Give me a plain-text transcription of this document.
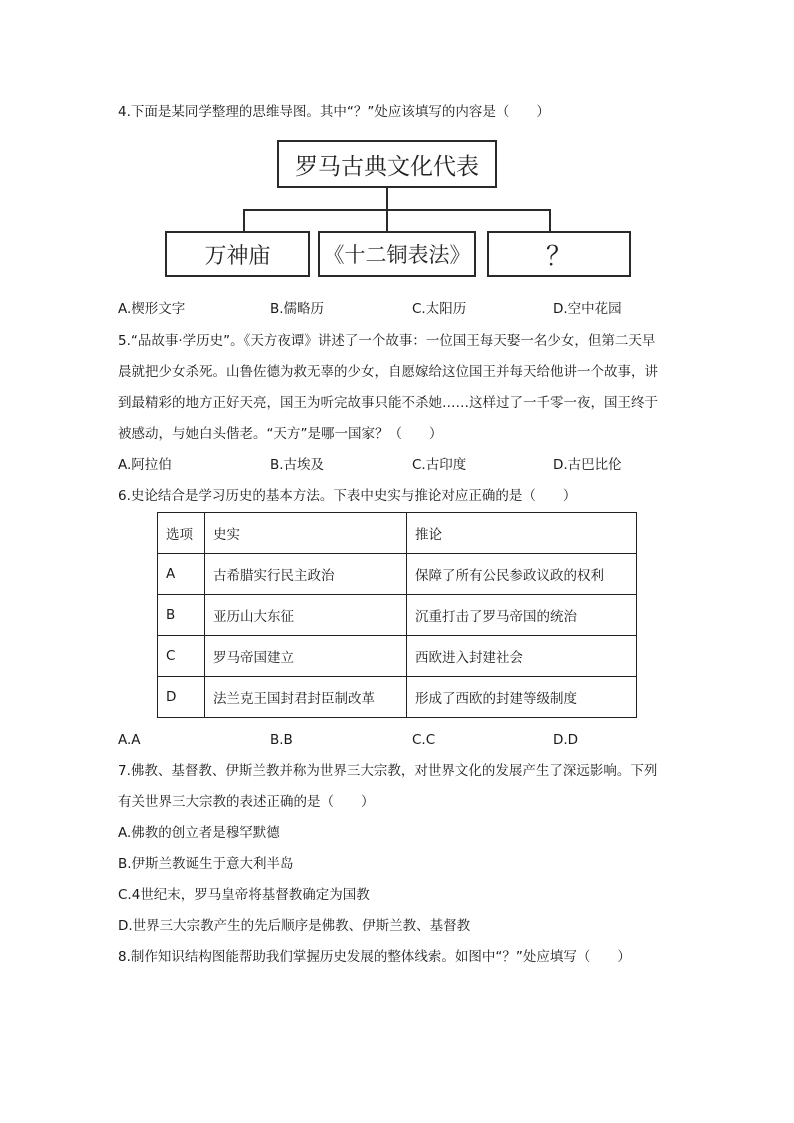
4.下面是某同学整理的思维导图。其中“？”处应该填写的内容是（　　）
罗马古典文化代表
万神庙	《十二铜表法》	？
A.楔形文字	B.儒略历	C.太阳历	D.空中花园
5.“品故事·学历史”。《天方夜谭》讲述了一个故事：一位国王每天娶一名少女，但第二天早
晨就把少女杀死。山鲁佐德为救无辜的少女，自愿嫁给这位国王并每天给他讲一个故事，讲
到最精彩的地方正好天亮，国王为听完故事只能不杀她……这样过了一千零一夜，国王终于
被感动，与她白头偕老。“天方”是哪一国家？（　　）
A.阿拉伯	B.古埃及	C.古印度	D.古巴比伦
6.史论结合是学习历史的基本方法。下表中史实与推论对应正确的是（　　）
选项	史实	推论
A	古希腊实行民主政治	保障了所有公民参政议政的权利
B	亚历山大东征	沉重打击了罗马帝国的统治
C	罗马帝国建立	西欧进入封建社会
D	法兰克王国封君封臣制改革	形成了西欧的封建等级制度
A.A	B.B	C.C	D.D
7.佛教、基督教、伊斯兰教并称为世界三大宗教，对世界文化的发展产生了深远影响。下列
有关世界三大宗教的表述正确的是（　　）
A.佛教的创立者是穆罕默德
B.伊斯兰教诞生于意大利半岛
C.4世纪末，罗马皇帝将基督教确定为国教
D.世界三大宗教产生的先后顺序是佛教、伊斯兰教、基督教
8.制作知识结构图能帮助我们掌握历史发展的整体线索。如图中“？”处应填写（　　）
